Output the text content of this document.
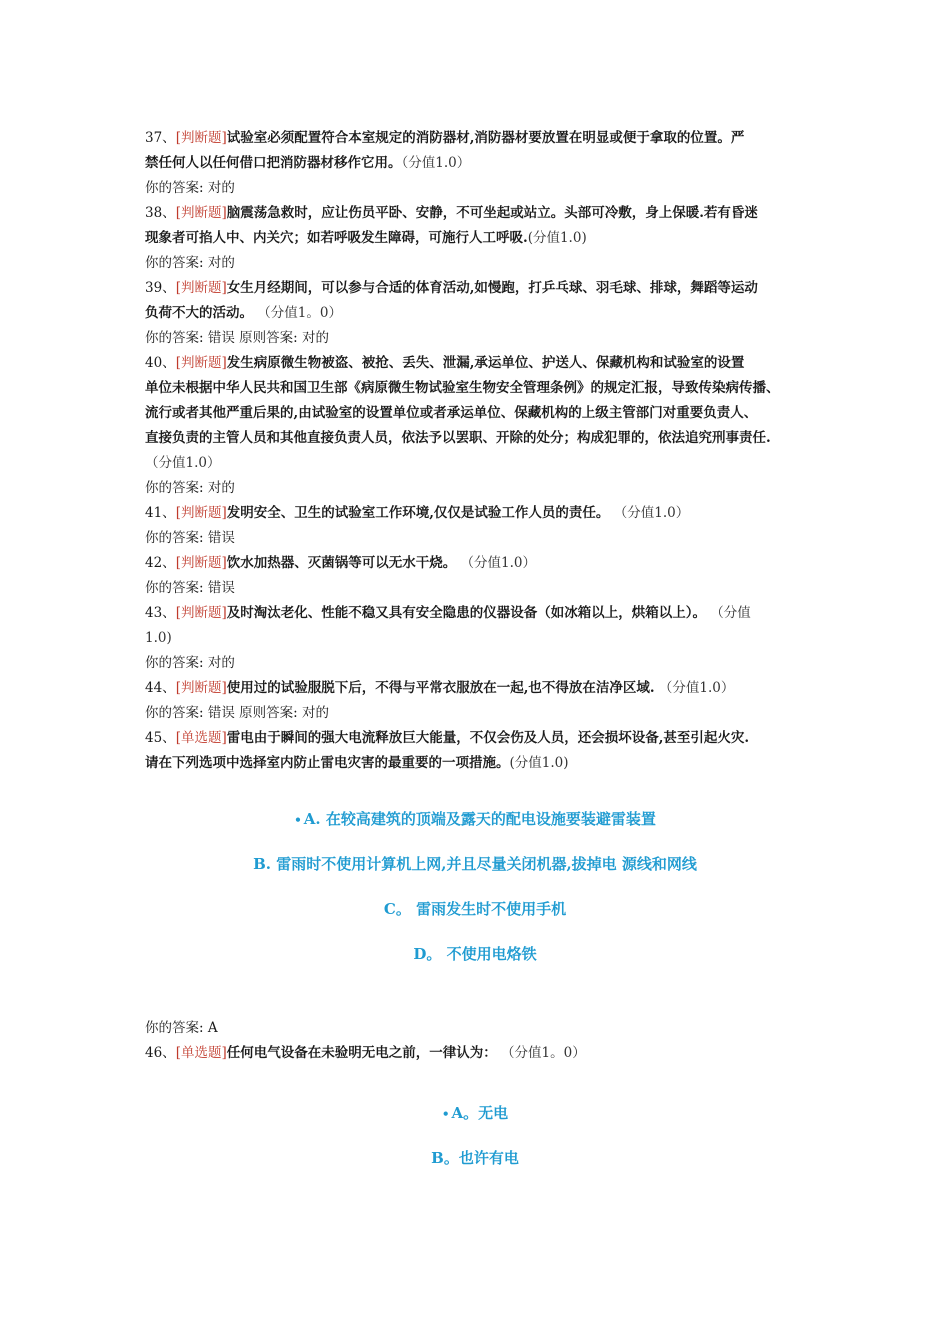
37、[判断题]试验室必须配置符合本室规定的消防器材,消防器材要放置在明显或便于拿取的位置。严
禁任何人以任何借口把消防器材移作它用。（分值1.0）
你的答案: 对的
38、[判断题]脑震荡急救时，应让伤员平卧、安静，不可坐起或站立。头部可冷敷，身上保暖.若有昏迷
现象者可掐人中、内关穴；如若呼吸发生障碍，可施行人工呼吸.(分值1.0)
你的答案: 对的
39、[判断题]女生月经期间，可以参与合适的体育活动,如慢跑，打乒乓球、羽毛球、排球，舞蹈等运动
负荷不大的活动。 （分值1。0）
你的答案: 错误 原则答案: 对的
40、[判断题]发生病原微生物被盗、被抢、丢失、泄漏,承运单位、护送人、保藏机构和试验室的设置
单位未根据中华人民共和国卫生部《病原微生物试验室生物安全管理条例》的规定汇报，导致传染病传播、
流行或者其他严重后果的,由试验室的设置单位或者承运单位、保藏机构的上级主管部门对重要负责人、
直接负责的主管人员和其他直接负责人员，依法予以罢职、开除的处分；构成犯罪的，依法追究刑事责任.
（分值1.0）
你的答案: 对的
41、[判断题]发明安全、卫生的试验室工作环境,仅仅是试验工作人员的责任。 （分值1.0）
你的答案: 错误
42、[判断题]饮水加热器、灭菌锅等可以无水干烧。 （分值1.0）
你的答案: 错误
43、[判断题]及时淘汰老化、性能不稳又具有安全隐患的仪器设备（如冰箱以上，烘箱以上）。 （分值
1.0)
你的答案: 对的
44、[判断题]使用过的试验服脱下后，不得与平常衣服放在一起,也不得放在洁净区域. （分值1.0）
你的答案: 错误 原则答案: 对的
45、[单选题]雷电由于瞬间的强大电流释放巨大能量，不仅会伤及人员，还会损坏设备,甚至引起火灾.
请在下列选项中选择室内防止雷电灾害的最重要的一项措施。(分值1.0)
• A. 在较高建筑的顶端及露天的配电设施要装避雷装置
B. 雷雨时不使用计算机上网,并且尽量关闭机器,拔掉电 源线和网线
C。 雷雨发生时不使用手机
D。 不使用电烙铁
你的答案: A
46、[单选题]任何电气设备在未验明无电之前，一律认为： （分值1。0）
• A。无电
B。也许有电
